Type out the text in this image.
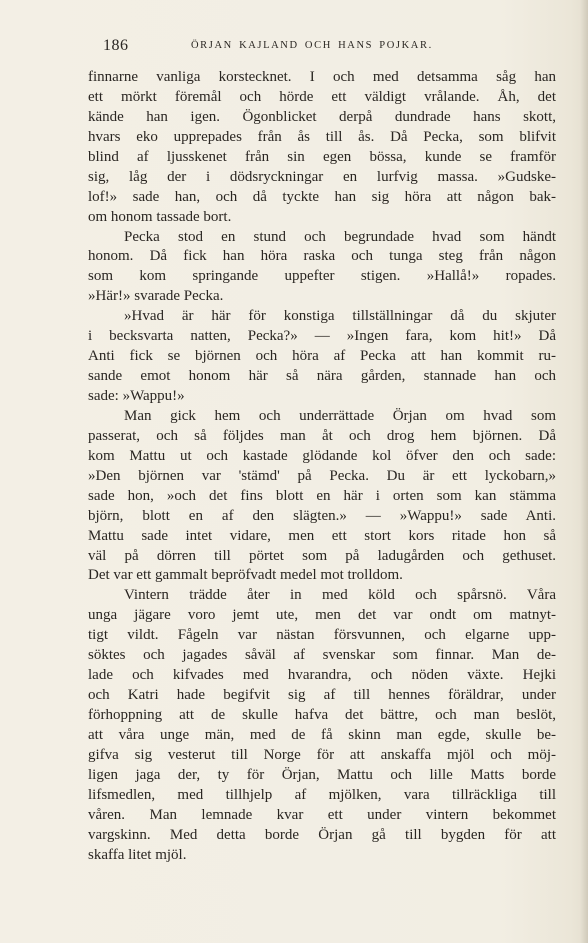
186	ÖRJAN KAJLAND OCH HANS POJKAR.
finnarne vanliga korstecknet. I och med detsamma såg han
ett mörkt föremål och hörde ett väldigt vrålande. Åh, det
kände han igen. Ögonblicket derpå dundrade hans skott,
hvars eko upprepades från ås till ås. Då Pecka, som blifvit
blind af ljusskenet från sin egen bössa, kunde se framför
sig, låg der i dödsryckningar en lurfvig massa. »Gudske-
lof!» sade han, och då tyckte han sig höra att någon bak-
om honom tassade bort.
Pecka stod en stund och begrundade hvad som händt
honom. Då fick han höra raska och tunga steg från någon
som kom springande uppefter stigen. »Hallå!» ropades.
»Här!» svarade Pecka.
»Hvad är här för konstiga tillställningar då du skjuter
i becksvarta natten, Pecka?» — »Ingen fara, kom hit!» Då
Anti fick se björnen och höra af Pecka att han kommit ru-
sande emot honom här så nära gården, stannade han och
sade: »Wappu!»
Man gick hem och underrättade Örjan om hvad som
passerat, och så följdes man åt och drog hem björnen. Då
kom Mattu ut och kastade glödande kol öfver den och sade:
»Den björnen var 'stämd' på Pecka. Du är ett lyckobarn,»
sade hon, »och det fins blott en här i orten som kan stämma
björn, blott en af den slägten.» — »Wappu!» sade Anti.
Mattu sade intet vidare, men ett stort kors ritade hon så
väl på dörren till pörtet som på ladugården och gethuset.
Det var ett gammalt bepröfvadt medel mot trolldom.
Vintern trädde åter in med köld och spårsnö. Våra
unga jägare voro jemt ute, men det var ondt om matnyt-
tigt vildt. Fågeln var nästan försvunnen, och elgarne upp-
söktes och jagades såväl af svenskar som finnar. Man de-
lade och kifvades med hvarandra, och nöden växte. Hejki
och Katri hade begifvit sig af till hennes föräldrar, under
förhoppning att de skulle hafva det bättre, och man beslöt,
att våra unge män, med de få skinn man egde, skulle be-
gifva sig vesterut till Norge för att anskaffa mjöl och möj-
ligen jaga der, ty för Örjan, Mattu och lille Matts borde
lifsmedlen, med tillhjelp af mjölken, vara tillräckliga till
våren. Man lemnade kvar ett under vintern bekommet
vargskinn. Med detta borde Örjan gå till bygden för att
skaffa litet mjöl.
